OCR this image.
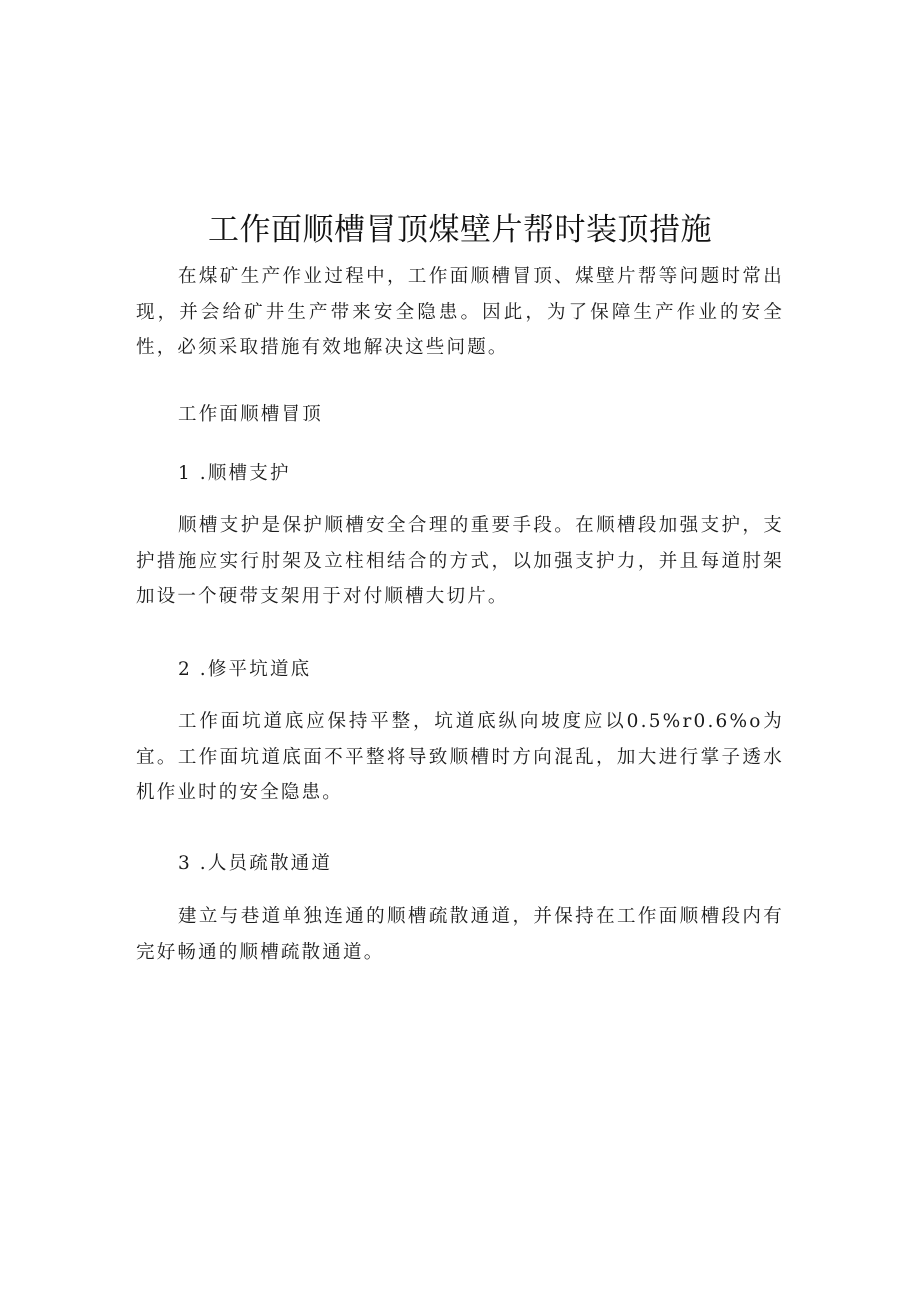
工作面顺槽冒顶煤壁片帮时装顶措施

在煤矿生产作业过程中，工作面顺槽冒顶、煤壁片帮等问题时常出现，并会给矿井生产带来安全隐患。因此，为了保障生产作业的安全性，必须采取措施有效地解决这些问题。

工作面顺槽冒顶

1 .顺槽支护

顺槽支护是保护顺槽安全合理的重要手段。在顺槽段加强支护，支护措施应实行肘架及立柱相结合的方式，以加强支护力，并且每道肘架加设一个硬带支架用于对付顺槽大切片。

2 .修平坑道底

工作面坑道底应保持平整，坑道底纵向坡度应以0.5%r0.6%o为宜。工作面坑道底面不平整将导致顺槽时方向混乱，加大进行掌子透水机作业时的安全隐患。

3 .人员疏散通道

建立与巷道单独连通的顺槽疏散通道，并保持在工作面顺槽段内有完好畅通的顺槽疏散通道。
